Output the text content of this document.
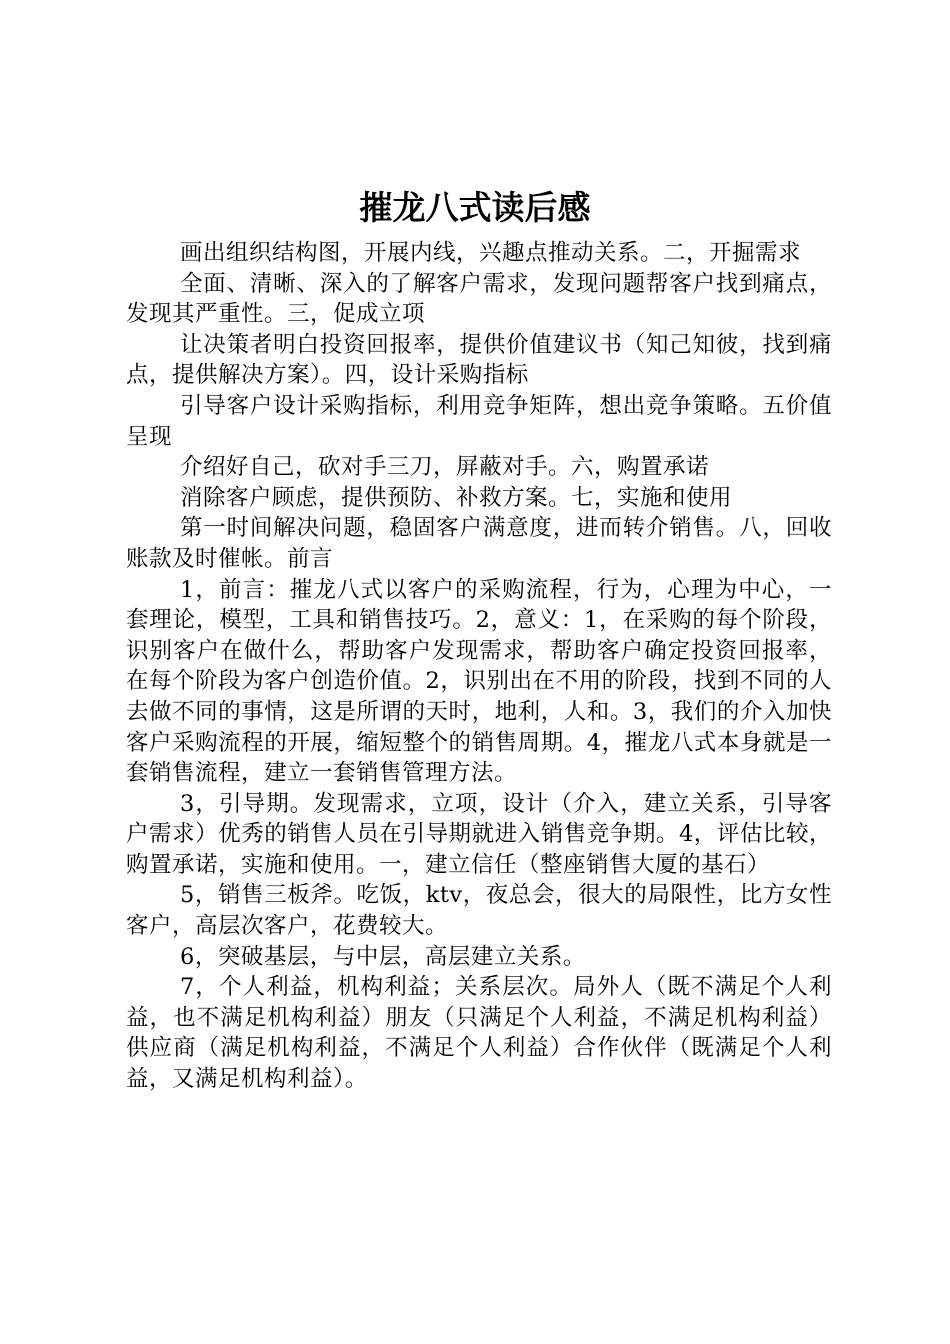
摧龙八式读后感

画出组织结构图，开展内线，兴趣点推动关系。二，开掘需求

全面、清晰、深入的了解客户需求，发现问题帮客户找到痛点，发现其严重性。三，促成立项

让决策者明白投资回报率，提供价值建议书（知己知彼，找到痛点，提供解决方案）。四，设计采购指标

引导客户设计采购指标，利用竞争矩阵，想出竞争策略。五价值呈现

介绍好自己，砍对手三刀，屏蔽对手。六，购置承诺

消除客户顾虑，提供预防、补救方案。七，实施和使用

第一时间解决问题，稳固客户满意度，进而转介销售。八，回收账款及时催帐。前言

1，前言：摧龙八式以客户的采购流程，行为，心理为中心，一套理论，模型，工具和销售技巧。2，意义：1，在采购的每个阶段，识别客户在做什么，帮助客户发现需求，帮助客户确定投资回报率，在每个阶段为客户创造价值。2，识别出在不用的阶段，找到不同的人去做不同的事情，这是所谓的天时，地利，人和。3，我们的介入加快客户采购流程的开展，缩短整个的销售周期。4，摧龙八式本身就是一套销售流程，建立一套销售管理方法。

3，引导期。发现需求，立项，设计（介入，建立关系，引导客户需求）优秀的销售人员在引导期就进入销售竞争期。4，评估比较，购置承诺，实施和使用。一，建立信任（整座销售大厦的基石）

5，销售三板斧。吃饭，ktv，夜总会，很大的局限性，比方女性客户，高层次客户，花费较大。

6，突破基层，与中层，高层建立关系。

7，个人利益，机构利益；关系层次。局外人（既不满足个人利益，也不满足机构利益）朋友（只满足个人利益，不满足机构利益）供应商（满足机构利益，不满足个人利益）合作伙伴（既满足个人利益，又满足机构利益）。
